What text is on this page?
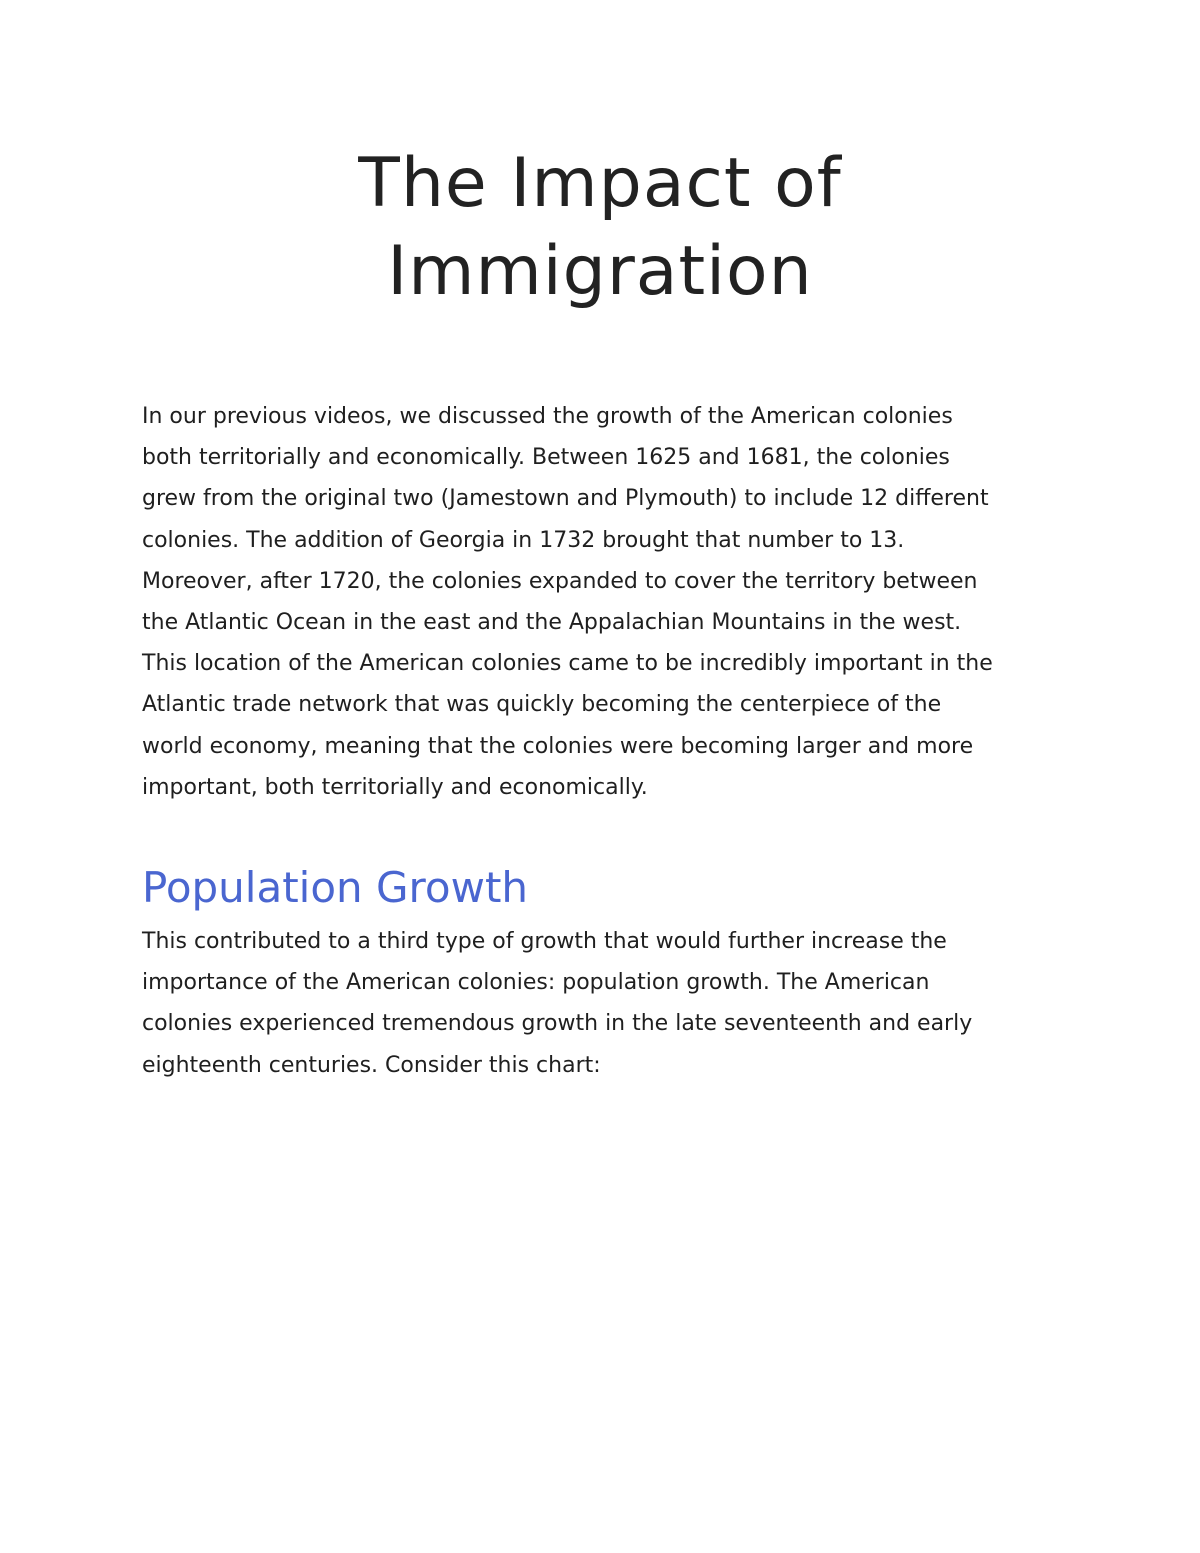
The Impact of
Immigration

In our previous videos, we discussed the growth of the American colonies
both territorially and economically. Between 1625 and 1681, the colonies
grew from the original two (Jamestown and Plymouth) to include 12 different
colonies. The addition of Georgia in 1732 brought that number to 13.
Moreover, after 1720, the colonies expanded to cover the territory between
the Atlantic Ocean in the east and the Appalachian Mountains in the west.
This location of the American colonies came to be incredibly important in the
Atlantic trade network that was quickly becoming the centerpiece of the
world economy, meaning that the colonies were becoming larger and more
important, both territorially and economically.

Population Growth

This contributed to a third type of growth that would further increase the
importance of the American colonies: population growth. The American
colonies experienced tremendous growth in the late seventeenth and early
eighteenth centuries. Consider this chart:
